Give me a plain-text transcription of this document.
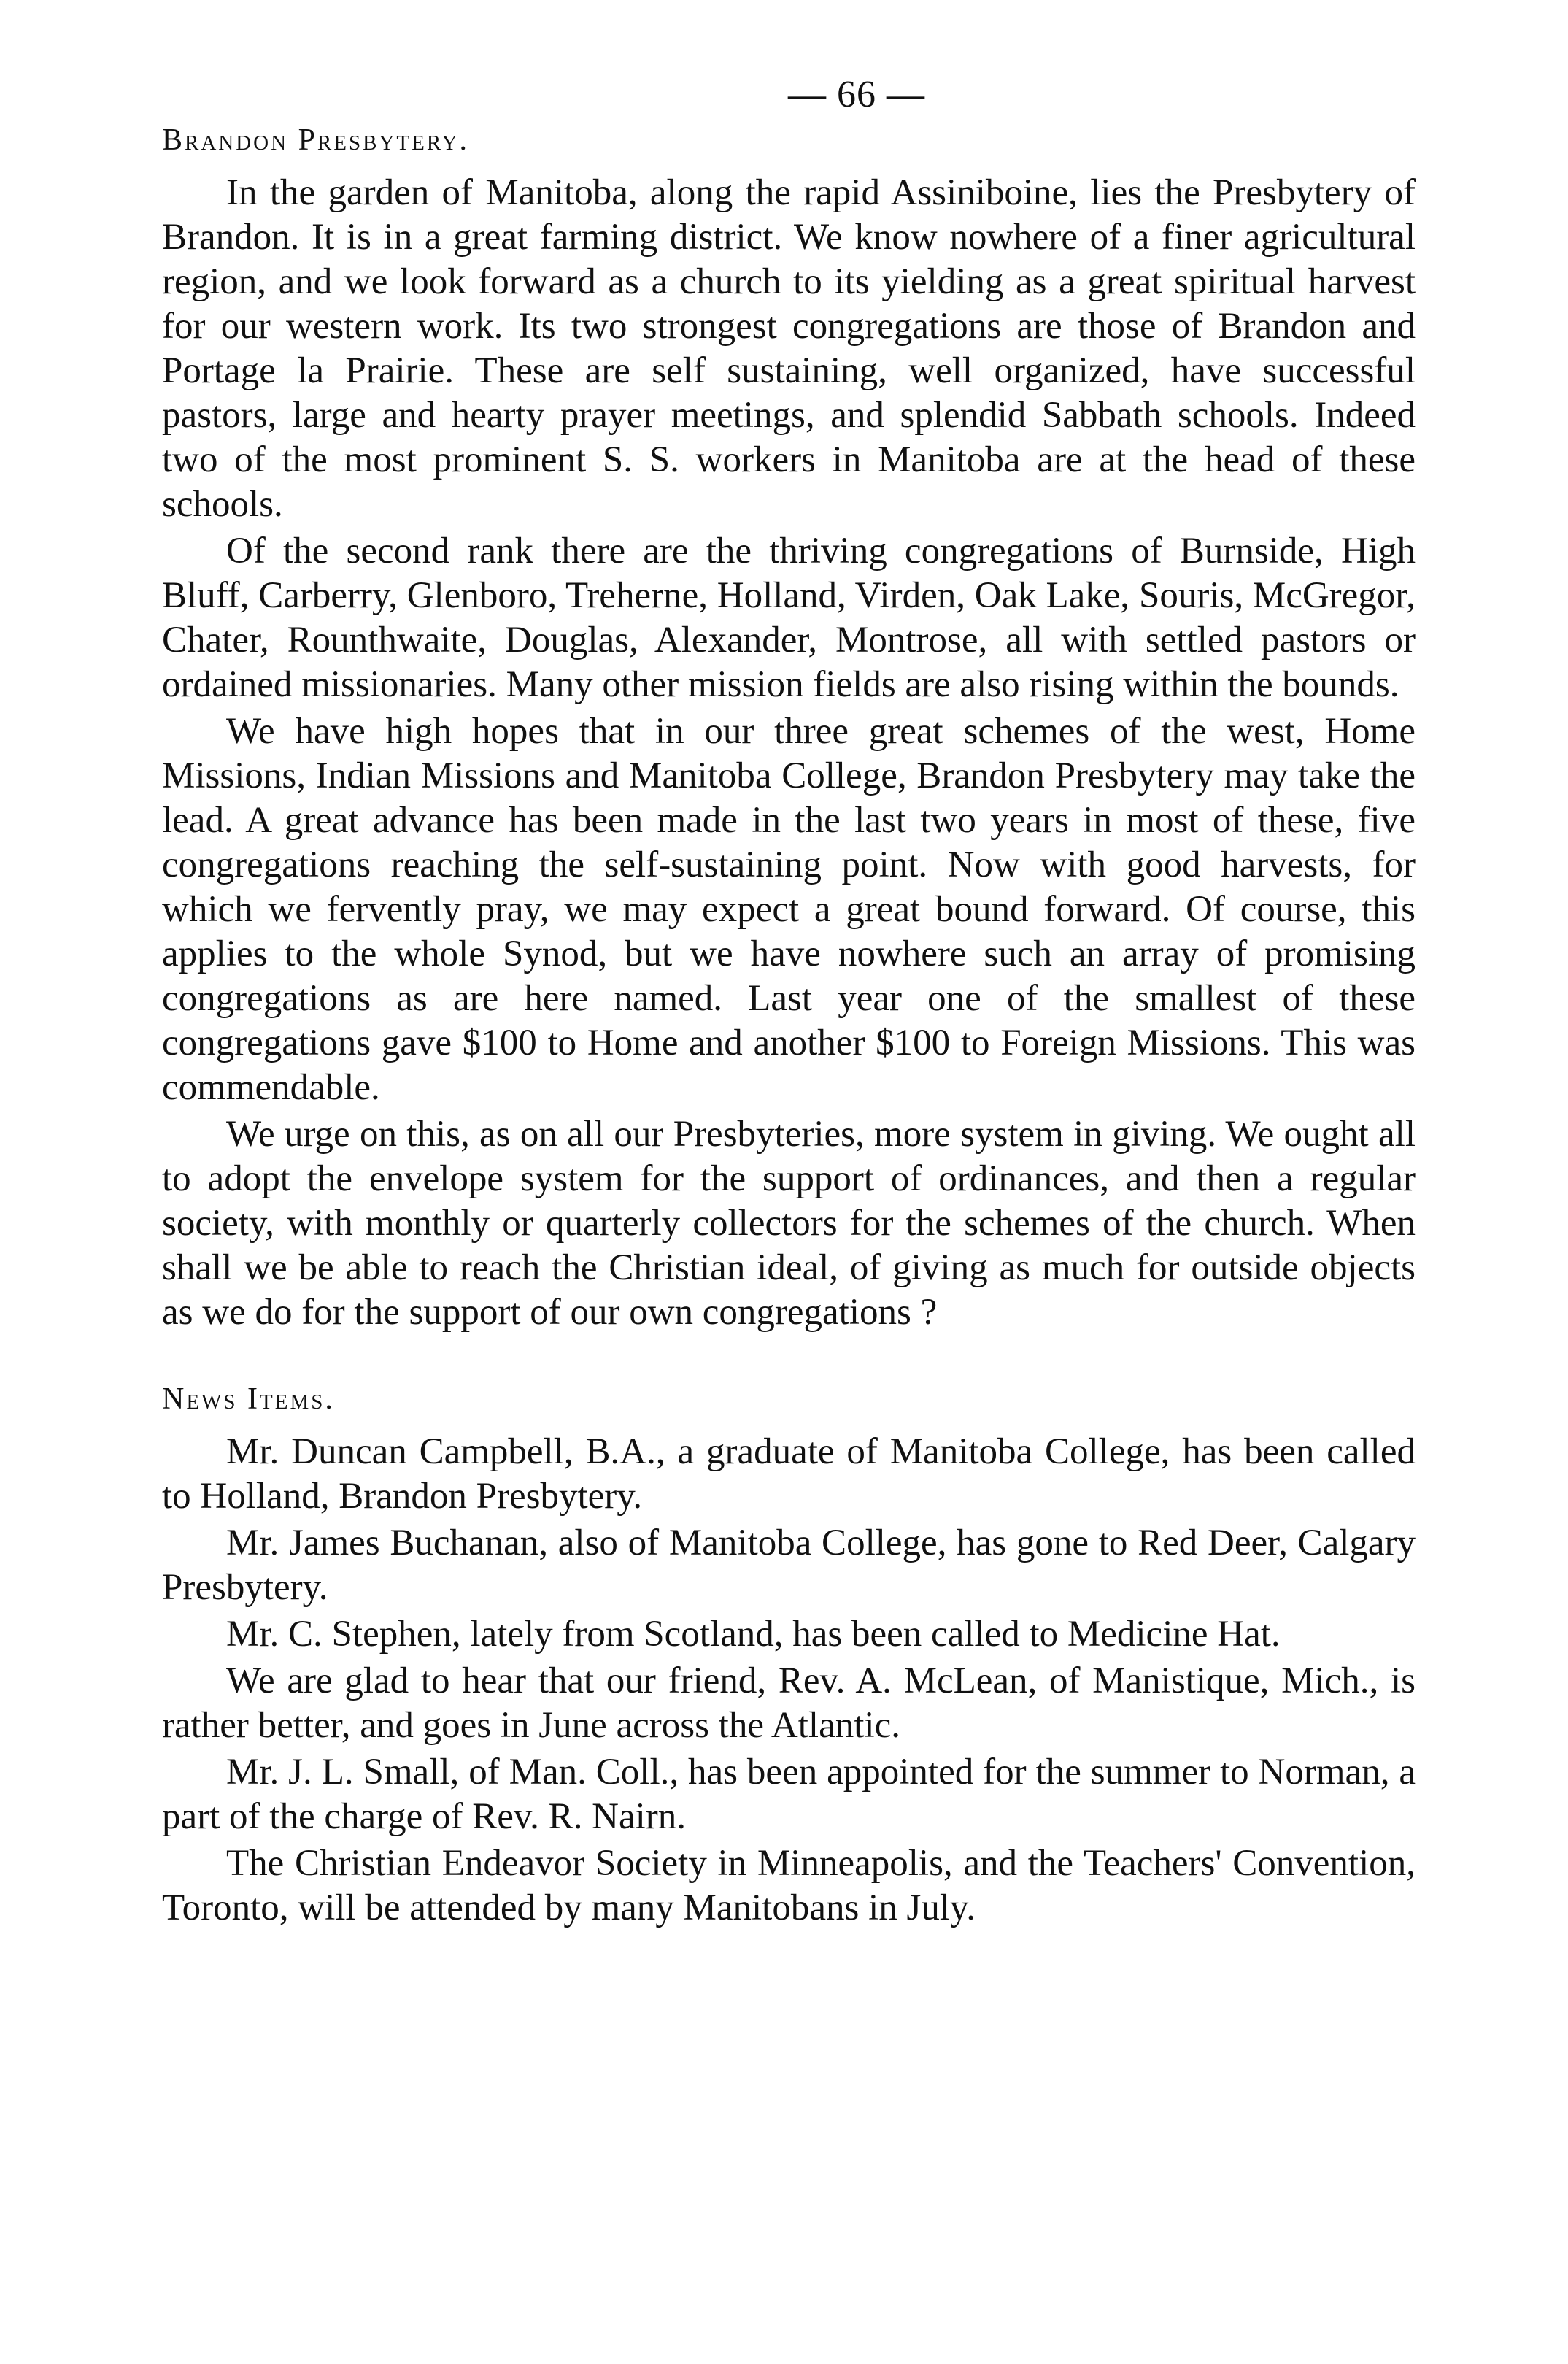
— 66 —
Brandon Presbytery.

In the garden of Manitoba, along the rapid Assiniboine, lies the Presbytery of Brandon. It is in a great farming district. We know nowhere of a finer agricultural region, and we look forward as a church to its yielding as a great spiritual harvest for our western work. Its two strongest congregations are those of Brandon and Portage la Prairie. These are self sustaining, well organized, have successful pastors, large and hearty prayer meetings, and splendid Sabbath schools. Indeed two of the most prominent S. S. workers in Manitoba are at the head of these schools.

Of the second rank there are the thriving congregations of Burnside, High Bluff, Carberry, Glenboro, Treherne, Holland, Virden, Oak Lake, Souris, McGregor, Chater, Rounthwaite, Douglas, Alexander, Montrose, all with settled pastors or ordained missionaries. Many other mission fields are also rising within the bounds.

We have high hopes that in our three great schemes of the west, Home Missions, Indian Missions and Manitoba College, Brandon Presbytery may take the lead. A great advance has been made in the last two years in most of these, five congregations reaching the self-sustaining point. Now with good harvests, for which we fervently pray, we may expect a great bound forward. Of course, this applies to the whole Synod, but we have nowhere such an array of promising congregations as are here named. Last year one of the smallest of these congregations gave $100 to Home and another $100 to Foreign Missions. This was commendable.

We urge on this, as on all our Presbyteries, more system in giving. We ought all to adopt the envelope system for the support of ordinances, and then a regular society, with monthly or quarterly collectors for the schemes of the church. When shall we be able to reach the Christian ideal, of giving as much for outside objects as we do for the support of our own congregations ?

News Items.

Mr. Duncan Campbell, B.A., a graduate of Manitoba College, has been called to Holland, Brandon Presbytery.

Mr. James Buchanan, also of Manitoba College, has gone to Red Deer, Calgary Presbytery.

Mr. C. Stephen, lately from Scotland, has been called to Medicine Hat.

We are glad to hear that our friend, Rev. A. McLean, of Manistique, Mich., is rather better, and goes in June across the Atlantic.

Mr. J. L. Small, of Man. Coll., has been appointed for the summer to Norman, a part of the charge of Rev. R. Nairn.

The Christian Endeavor Society in Minneapolis, and the Teachers' Convention, Toronto, will be attended by many Manitobans in July.
